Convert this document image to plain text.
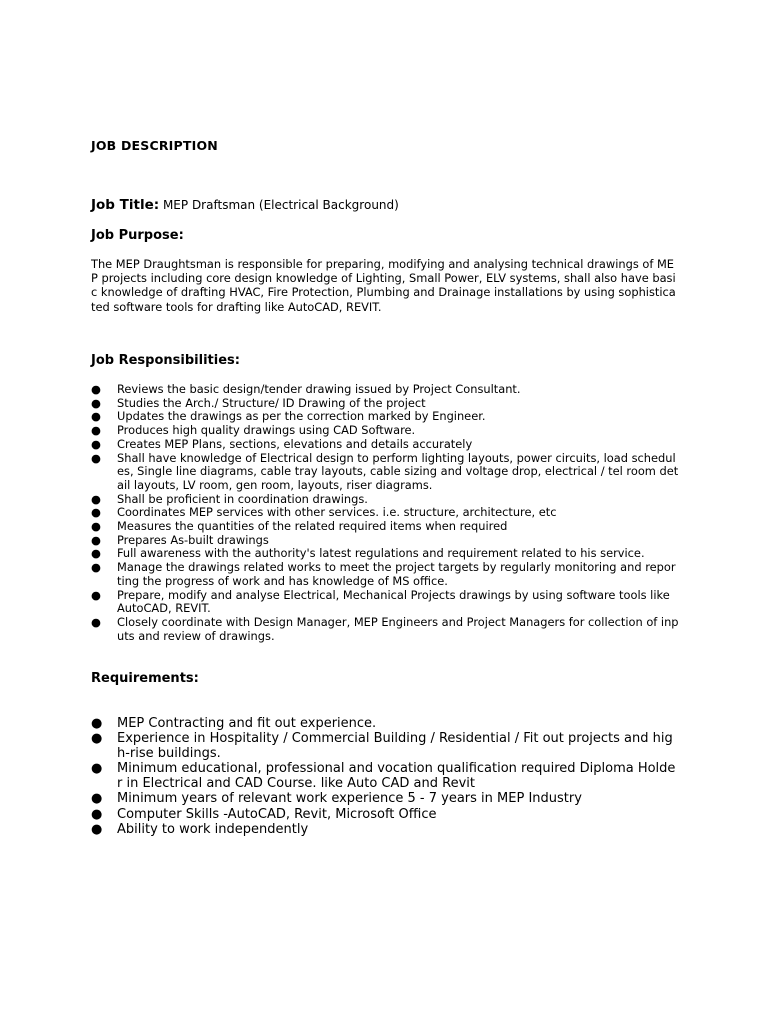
JOB DESCRIPTION
Job Title: MEP Draftsman (Electrical Background)
Job Purpose:
The MEP Draughtsman is responsible for preparing, modifying and analysing technical drawings of MEP projects including core design knowledge of Lighting, Small Power, ELV systems, shall also have basic knowledge of drafting HVAC, Fire Protection, Plumbing and Drainage installations by using sophisticated software tools for drafting like AutoCAD, REVIT.
Job Responsibilities:
● Reviews the basic design/tender drawing issued by Project Consultant.
● Studies the Arch./ Structure/ ID Drawing of the project
● Updates the drawings as per the correction marked by Engineer.
● Produces high quality drawings using CAD Software.
● Creates MEP Plans, sections, elevations and details accurately
● Shall have knowledge of Electrical design to perform lighting layouts, power circuits, load schedules, Single line diagrams, cable tray layouts, cable sizing and voltage drop, electrical / tel room detail layouts, LV room, gen room, layouts, riser diagrams.
● Shall be proficient in coordination drawings.
● Coordinates MEP services with other services. i.e. structure, architecture, etc
● Measures the quantities of the related required items when required
● Prepares As-built drawings
● Full awareness with the authority's latest regulations and requirement related to his service.
● Manage the drawings related works to meet the project targets by regularly monitoring and reporting the progress of work and has knowledge of MS office.
● Prepare, modify and analyse Electrical, Mechanical Projects drawings by using software tools like AutoCAD, REVIT.
● Closely coordinate with Design Manager, MEP Engineers and Project Managers for collection of inputs and review of drawings.
Requirements:
● MEP Contracting and fit out experience.
● Experience in Hospitality / Commercial Building / Residential / Fit out projects and high-rise buildings.
● Minimum educational, professional and vocation qualification required Diploma Holder in Electrical and CAD Course. like Auto CAD and Revit
● Minimum years of relevant work experience 5 - 7 years in MEP Industry
● Computer Skills -AutoCAD, Revit, Microsoft Office
● Ability to work independently
